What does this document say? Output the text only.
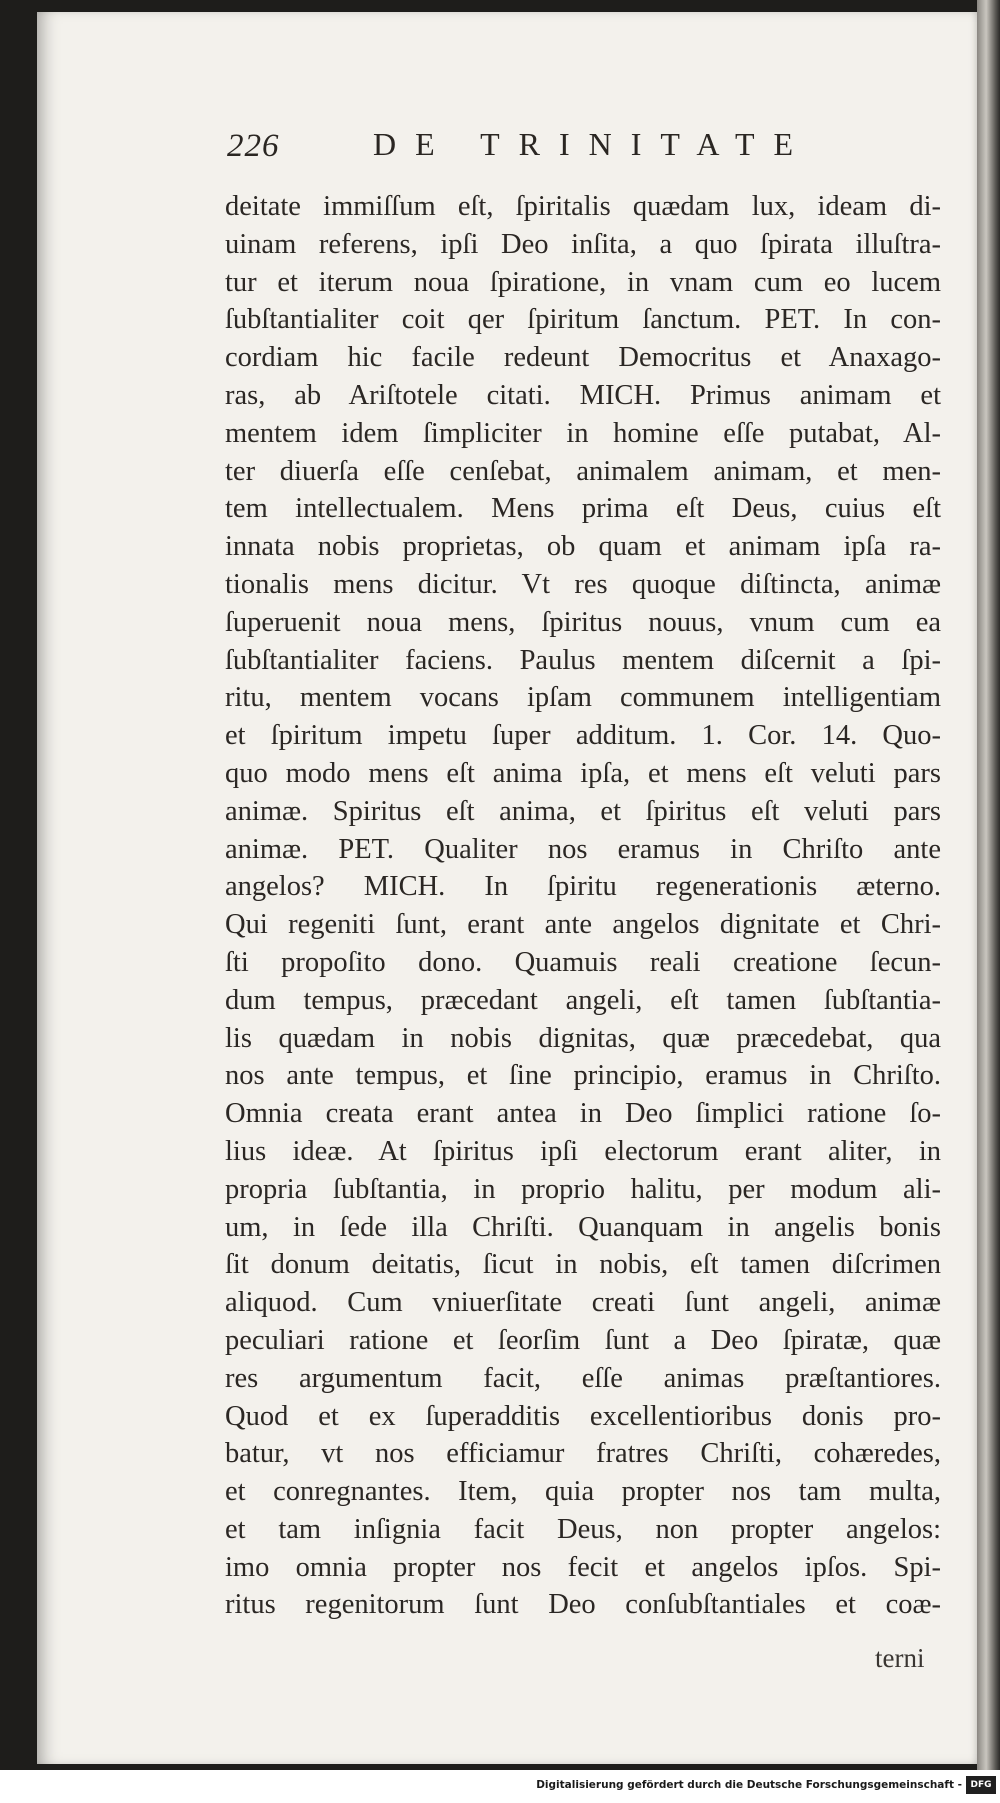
226	DE TRINITATE
deitate immiſſum eſt, ſpiritalis quædam lux, ideam di-
uinam referens, ipſi Deo inſita, a quo ſpirata illuſtra-
tur et iterum noua ſpiratione, in vnam cum eo lucem
ſubſtantialiter coit qer ſpiritum ſanctum. PET. In con-
cordiam hic facile redeunt Democritus et Anaxago-
ras, ab Ariſtotele citati. MICH. Primus animam et
mentem idem ſimpliciter in homine eſſe putabat, Al-
ter diuerſa eſſe cenſebat, animalem animam, et men-
tem intellectualem. Mens prima eſt Deus, cuius eſt
innata nobis proprietas, ob quam et animam ipſa ra-
tionalis mens dicitur. Vt res quoque diſtincta, animæ
ſuperuenit noua mens, ſpiritus nouus, vnum cum ea
ſubſtantialiter faciens. Paulus mentem diſcernit a ſpi-
ritu, mentem vocans ipſam communem intelligentiam
et ſpiritum impetu ſuper additum. 1. Cor. 14. Quo-
quo modo mens eſt anima ipſa, et mens eſt veluti pars
animæ. Spiritus eſt anima, et ſpiritus eſt veluti pars
animæ. PET. Qualiter nos eramus in Chriſto ante
angelos? MICH. In ſpiritu regenerationis æterno.
Qui regeniti ſunt, erant ante angelos dignitate et Chri-
ſti propoſito dono. Quamuis reali creatione ſecun-
dum tempus, præcedant angeli, eſt tamen ſubſtantia-
lis quædam in nobis dignitas, quæ præcedebat, qua
nos ante tempus, et ſine principio, eramus in Chriſto.
Omnia creata erant antea in Deo ſimplici ratione ſo-
lius ideæ. At ſpiritus ipſi electorum erant aliter, in
propria ſubſtantia, in proprio halitu, per modum ali-
um, in ſede illa Chriſti. Quanquam in angelis bonis
ſit donum deitatis, ſicut in nobis, eſt tamen diſcrimen
aliquod. Cum vniuerſitate creati ſunt angeli, animæ
peculiari ratione et ſeorſim ſunt a Deo ſpiratæ, quæ
res argumentum facit, eſſe animas præſtantiores.
Quod et ex ſuperadditis excellentioribus donis pro-
batur, vt nos efficiamur fratres Chriſti, cohæredes,
et conregnantes. Item, quia propter nos tam multa,
et tam inſignia facit Deus, non propter angelos:
imo omnia propter nos fecit et angelos ipſos. Spi-
ritus regenitorum ſunt Deo conſubſtantiales et coæ-
terni
Digitalisierung gefördert durch die Deutsche Forschungsgemeinschaft - DFG
